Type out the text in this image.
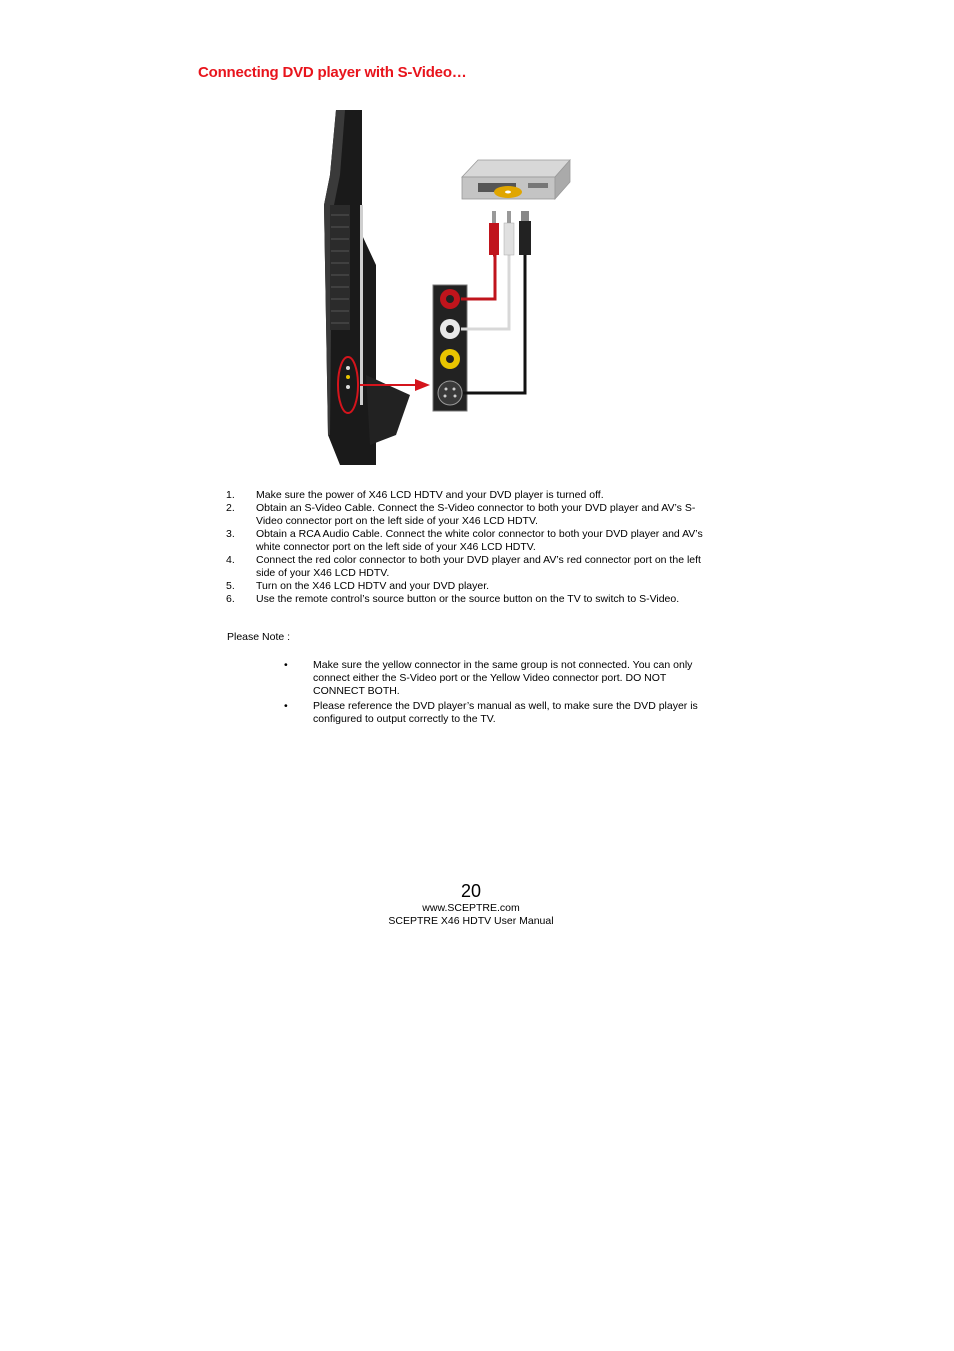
Connecting DVD player with S-Video…
1. Make sure the power of X46 LCD HDTV and your DVD player is turned off.
2. Obtain an S-Video Cable. Connect the S-Video connector to both your DVD player and AV’s S-Video connector port on the left side of your X46 LCD HDTV.
3. Obtain a RCA Audio Cable. Connect the white color connector to both your DVD player and AV’s white connector port on the left side of your X46 LCD HDTV.
4. Connect the red color connector to both your DVD player and AV’s red connector port on the left side of your X46 LCD HDTV.
5. Turn on the X46 LCD HDTV and your DVD player.
6. Use the remote control’s source button or the source button on the TV to switch to S-Video.
Please Note :
• Make sure the yellow connector in the same group is not connected. You can only connect either the S-Video port or the Yellow Video connector port. DO NOT CONNECT BOTH.
• Please reference the DVD player’s manual as well, to make sure the DVD player is configured to output correctly to the TV.
20
www.SCEPTRE.com
SCEPTRE X46 HDTV User Manual
